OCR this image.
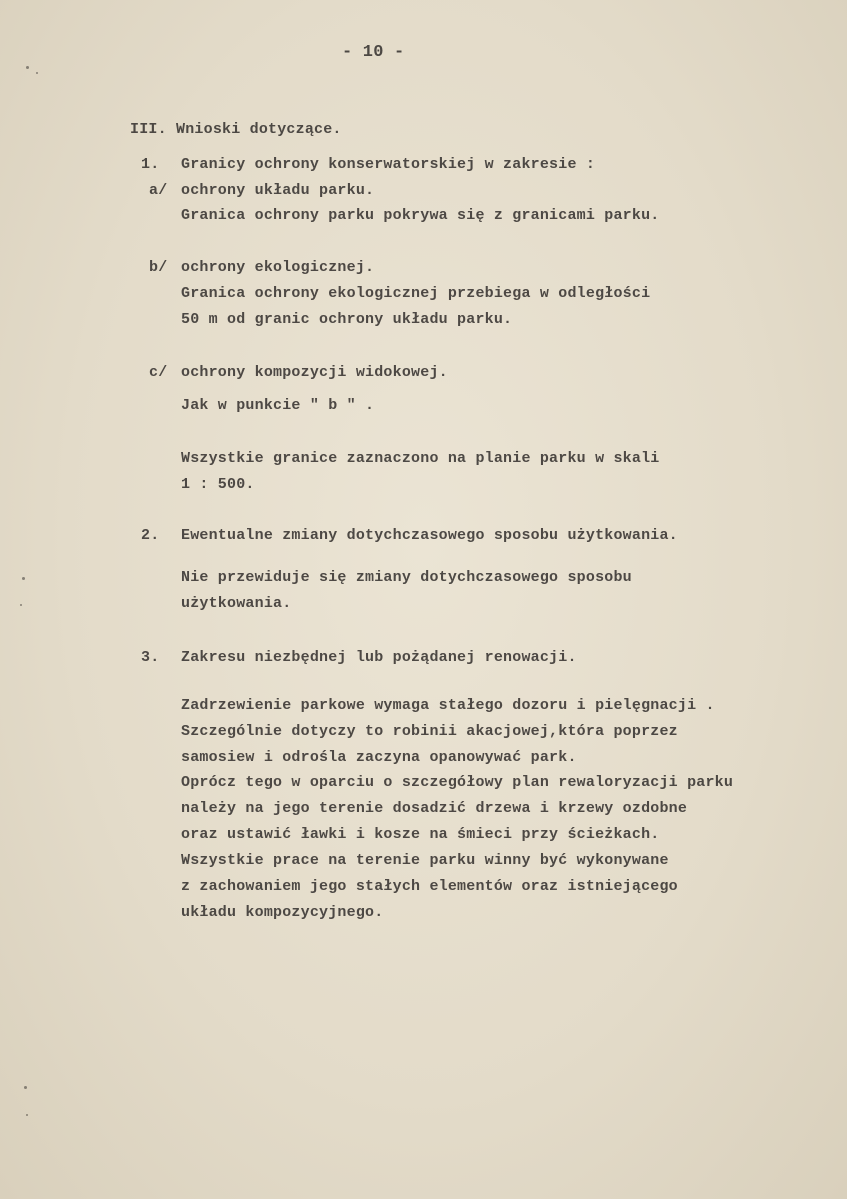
- 10 -
III. Wnioski dotyczące.
1. Granicy ochrony konserwatorskiej w zakresie :
a/ ochrony układu parku.
Granica ochrony parku pokrywa się z granicami parku.
b/ ochrony ekologicznej.
Granica ochrony ekologicznej przebiega w odległości
50 m od granic ochrony układu parku.
c/ ochrony kompozycji widokowej.
Jak w punkcie " b " .
Wszystkie granice zaznaczono na planie parku w skali
1 : 500.
2. Ewentualne zmiany dotychczasowego sposobu użytkowania.
Nie przewiduje się zmiany dotychczasowego sposobu
użytkowania.
3. Zakresu niezbędnej lub pożądanej renowacji.
Zadrzewienie parkowe wymaga stałego dozoru i pielęgnacji .
Szczególnie dotyczy to robinii akacjowej,która poprzez
samosiew i odrośla zaczyna opanowywać park.
Oprócz tego w oparciu o szczegółowy plan rewaloryzacji parku
należy na jego terenie dosadzić drzewa i krzewy ozdobne
oraz ustawić ławki i kosze na śmieci przy ścieżkach.
Wszystkie prace na terenie parku winny być wykonywane
z zachowaniem jego stałych elementów oraz istniejącego
układu kompozycyjnego.
